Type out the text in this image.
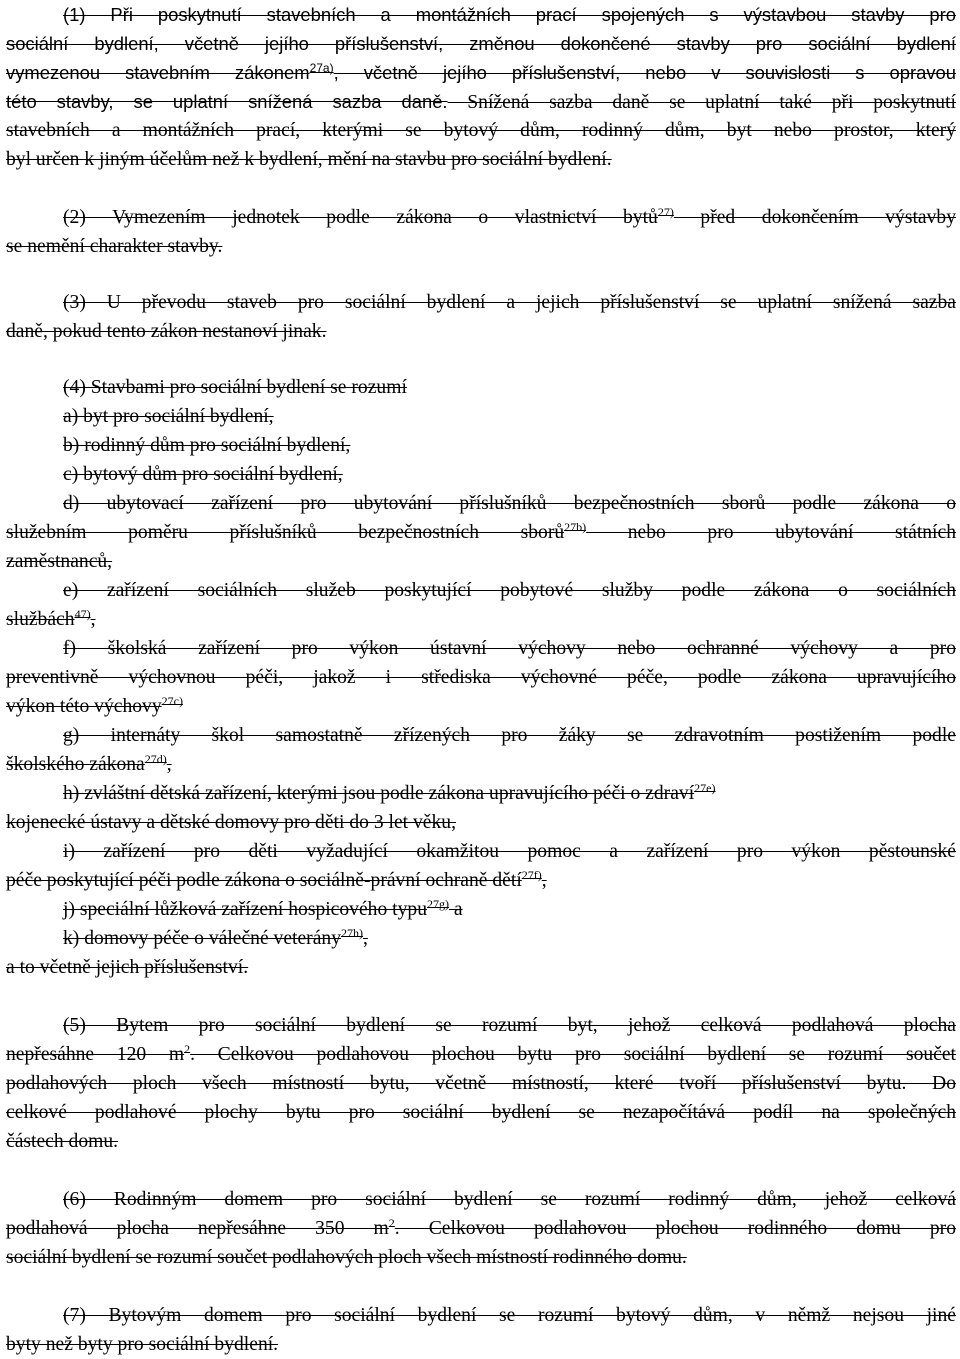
(1) Při poskytnutí stavebních a montážních prací spojených s výstavbou stavby pro
sociální bydlení, včetně jejího příslušenství, změnou dokončené stavby pro sociální bydlení
vymezenou stavebním zákonem$^{27a)}$, včetně jejího příslušenství, nebo v souvislosti s opravou
této stavby, se uplatní snížená sazba daně. Snížená sazba daně se uplatní také při poskytnutí
stavebních a montážních prací, kterými se bytový dům, rodinný dům, byt nebo prostor, který
byl určen k jiným účelům než k bydlení, mění na stavbu pro sociální bydlení.
(2) Vymezením jednotek podle zákona o vlastnictví bytů$^{27)}$ před dokončením výstavby
se nemění charakter stavby.
(3) U převodu staveb pro sociální bydlení a jejich příslušenství se uplatní snížená sazba
daně, pokud tento zákon nestanoví jinak.
(4) Stavbami pro sociální bydlení se rozumí
a) byt pro sociální bydlení,
b) rodinný dům pro sociální bydlení,
c) bytový dům pro sociální bydlení,
d) ubytovací zařízení pro ubytování příslušníků bezpečnostních sborů podle zákona o
služebním poměru příslušníků bezpečnostních sborů$^{27b)}$ nebo pro ubytování státních
zaměstnanců,
e) zařízení sociálních služeb poskytující pobytové služby podle zákona o sociálních
službách$^{47)}$,
f) školská zařízení pro výkon ústavní výchovy nebo ochranné výchovy a pro
preventivně výchovnou péči, jakož i střediska výchovné péče, podle zákona upravujícího
výkon této výchovy$^{27c)}$
g) internáty škol samostatně zřízených pro žáky se zdravotním postižením podle
školského zákona$^{27d)}$,
h) zvláštní dětská zařízení, kterými jsou podle zákona upravujícího péči o zdraví$^{27e)}$
kojenecké ústavy a dětské domovy pro děti do 3 let věku,
i) zařízení pro děti vyžadující okamžitou pomoc a zařízení pro výkon pěstounské
péče poskytující péči podle zákona o sociálně-právní ochraně dětí$^{27f)}$,
j) speciální lůžková zařízení hospicového typu$^{27g)}$ a
k) domovy péče o válečné veterány$^{27h)}$,
a to včetně jejich příslušenství.
(5) Bytem pro sociální bydlení se rozumí byt, jehož celková podlahová plocha
nepřesáhne 120 $m^2$. Celkovou podlahovou plochou bytu pro sociální bydlení se rozumí součet
podlahových ploch všech místností bytu, včetně místností, které tvoří příslušenství bytu. Do
celkové podlahové plochy bytu pro sociální bydlení se nezapočítává podíl na společných
částech domu.
(6) Rodinným domem pro sociální bydlení se rozumí rodinný dům, jehož celková
podlahová plocha nepřesáhne 350 $m^2$. Celkovou podlahovou plochou rodinného domu pro
sociální bydlení se rozumí součet podlahových ploch všech místností rodinného domu.
(7) Bytovým domem pro sociální bydlení se rozumí bytový dům, v němž nejsou jiné
byty než byty pro sociální bydlení.
